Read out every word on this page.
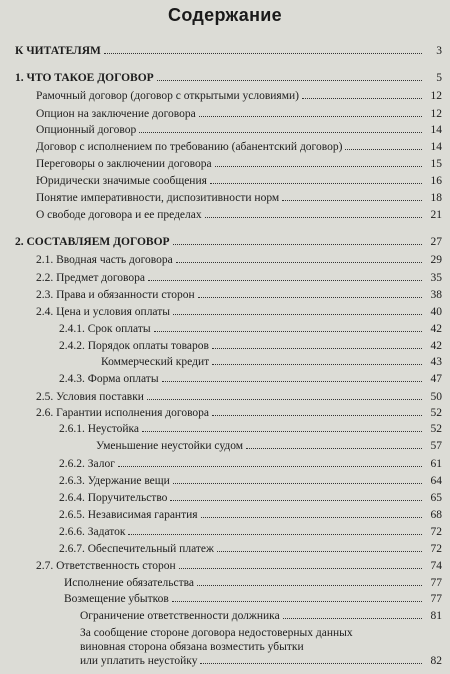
Содержание
К ЧИТАТЕЛЯМ	3
1. ЧТО ТАКОЕ ДОГОВОР	5
Рамочный договор (договор с открытыми условиями)	12
Опцион на заключение договора	12
Опционный договор	14
Договор с исполнением по требованию (абанентский договор)	14
Переговоры о заключении договора	15
Юридически значимые сообщения	16
Понятие императивности, диспозитивности норм	18
О свободе договора и ее пределах	21
2. СОСТАВЛЯЕМ ДОГОВОР	27
2.1. Вводная часть договора	29
2.2. Предмет договора	35
2.3. Права и обязанности сторон	38
2.4. Цена и условия оплаты	40
2.4.1. Срок оплаты	42
2.4.2. Порядок оплаты товаров	42
Коммерческий кредит	43
2.4.3. Форма оплаты	47
2.5. Условия поставки	50
2.6. Гарантии исполнения договора	52
2.6.1. Неустойка	52
Уменьшение неустойки судом	57
2.6.2. Залог	61
2.6.3. Удержание вещи	64
2.6.4. Поручительство	65
2.6.5. Независимая гарантия	68
2.6.6. Задаток	72
2.6.7. Обеспечительный платеж	72
2.7. Ответственность сторон	74
Исполнение обязательства	77
Возмещение убытков	77
Ограничение ответственности должника	81
За сообщение стороне договора недостоверных данных
виновная сторона обязана возместить убытки
или уплатить неустойку	82
